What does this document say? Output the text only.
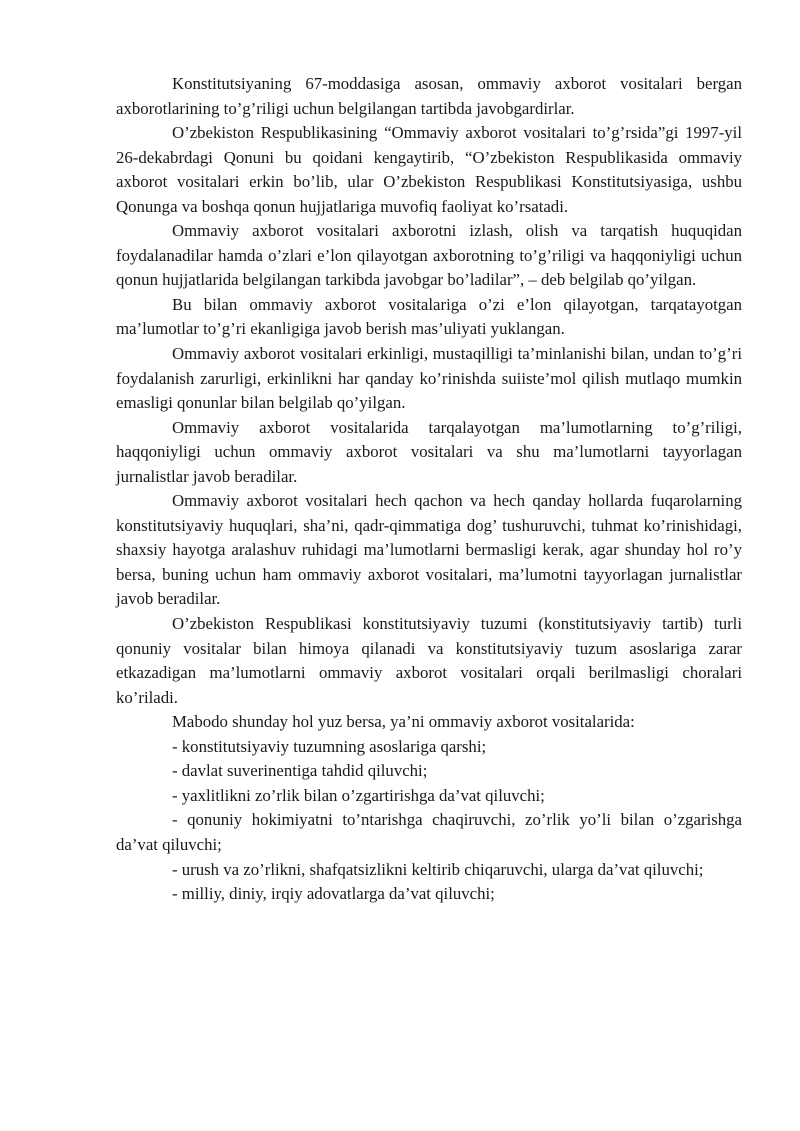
Konstitutsiyaning 67-moddasiga asosan, ommaviy axborot vositalari bergan axborotlarining to’g’riligi uchun belgilangan tartibda javobgardirlar.

O’zbekiston Respublikasining “Ommaviy axborot vositalari to’g’rsida”gi 1997-yil 26-dekabrdagi Qonuni bu qoidani kengaytirib, “O’zbekiston Respublikasida ommaviy axborot vositalari erkin bo’lib, ular O’zbekiston Respublikasi Konstitutsiyasiga, ushbu Qonunga va boshqa qonun hujjatlariga muvofiq faoliyat ko’rsatadi.

Ommaviy axborot vositalari axborotni izlash, olish va tarqatish huquqidan foydalanadilar hamda o’zlari e’lon qilayotgan axborotning to’g’riligi va haqqoniyligi uchun qonun hujjatlarida belgilangan tarkibda javobgar bo’ladilar”, – deb belgilab qo’yilgan.

Bu bilan ommaviy axborot vositalariga o’zi e’lon qilayotgan, tarqatayotgan ma’lumotlar to’g’ri ekanligiga javob berish mas’uliyati yuklangan.

Ommaviy axborot vositalari erkinligi, mustaqilligi ta’minlanishi bilan, undan to’g’ri foydalanish zarurligi, erkinlikni har qanday ko’rinishda suiiste’mol qilish mutlaqo mumkin emasligi qonunlar bilan belgilab qo’yilgan.

Ommaviy axborot vositalarida tarqalayotgan ma’lumotlarning to’g’riligi, haqqoniyligi uchun ommaviy axborot vositalari va shu ma’lumotlarni tayyorlagan jurnalistlar javob beradilar.

Ommaviy axborot vositalari hech qachon va hech qanday hollarda fuqarolarning konstitutsiyaviy huquqlari, sha’ni, qadr-qimmatiga dog’ tushuruvchi, tuhmat ko’rinishidagi, shaxsiy hayotga aralashuv ruhidagi ma’lumotlarni bermasligi kerak, agar shunday hol ro’y bersa, buning uchun ham ommaviy axborot vositalari, ma’lumotni tayyorlagan jurnalistlar javob beradilar.

O’zbekiston Respublikasi konstitutsiyaviy tuzumi (konstitutsiyaviy tartib) turli qonuniy vositalar bilan himoya qilanadi va konstitutsiyaviy tuzum asoslariga zarar etkazadigan ma’lumotlarni ommaviy axborot vositalari orqali berilmasligi choralari ko’riladi.

Mabodo shunday hol yuz bersa, ya’ni ommaviy axborot vositalarida:

- konstitutsiyaviy tuzumning asoslariga qarshi;

- davlat suverinentiga tahdid qiluvchi;

- yaxlitlikni zo’rlik bilan o’zgartirishga da’vat qiluvchi;

- qonuniy hokimiyatni to’ntarishga chaqiruvchi, zo’rlik yo’li bilan o’zgarishga da’vat qiluvchi;

- urush va zo’rlikni, shafqatsizlikni keltirib chiqaruvchi, ularga da’vat qiluvchi;

- milliy, diniy, irqiy adovatlarga da’vat qiluvchi;
